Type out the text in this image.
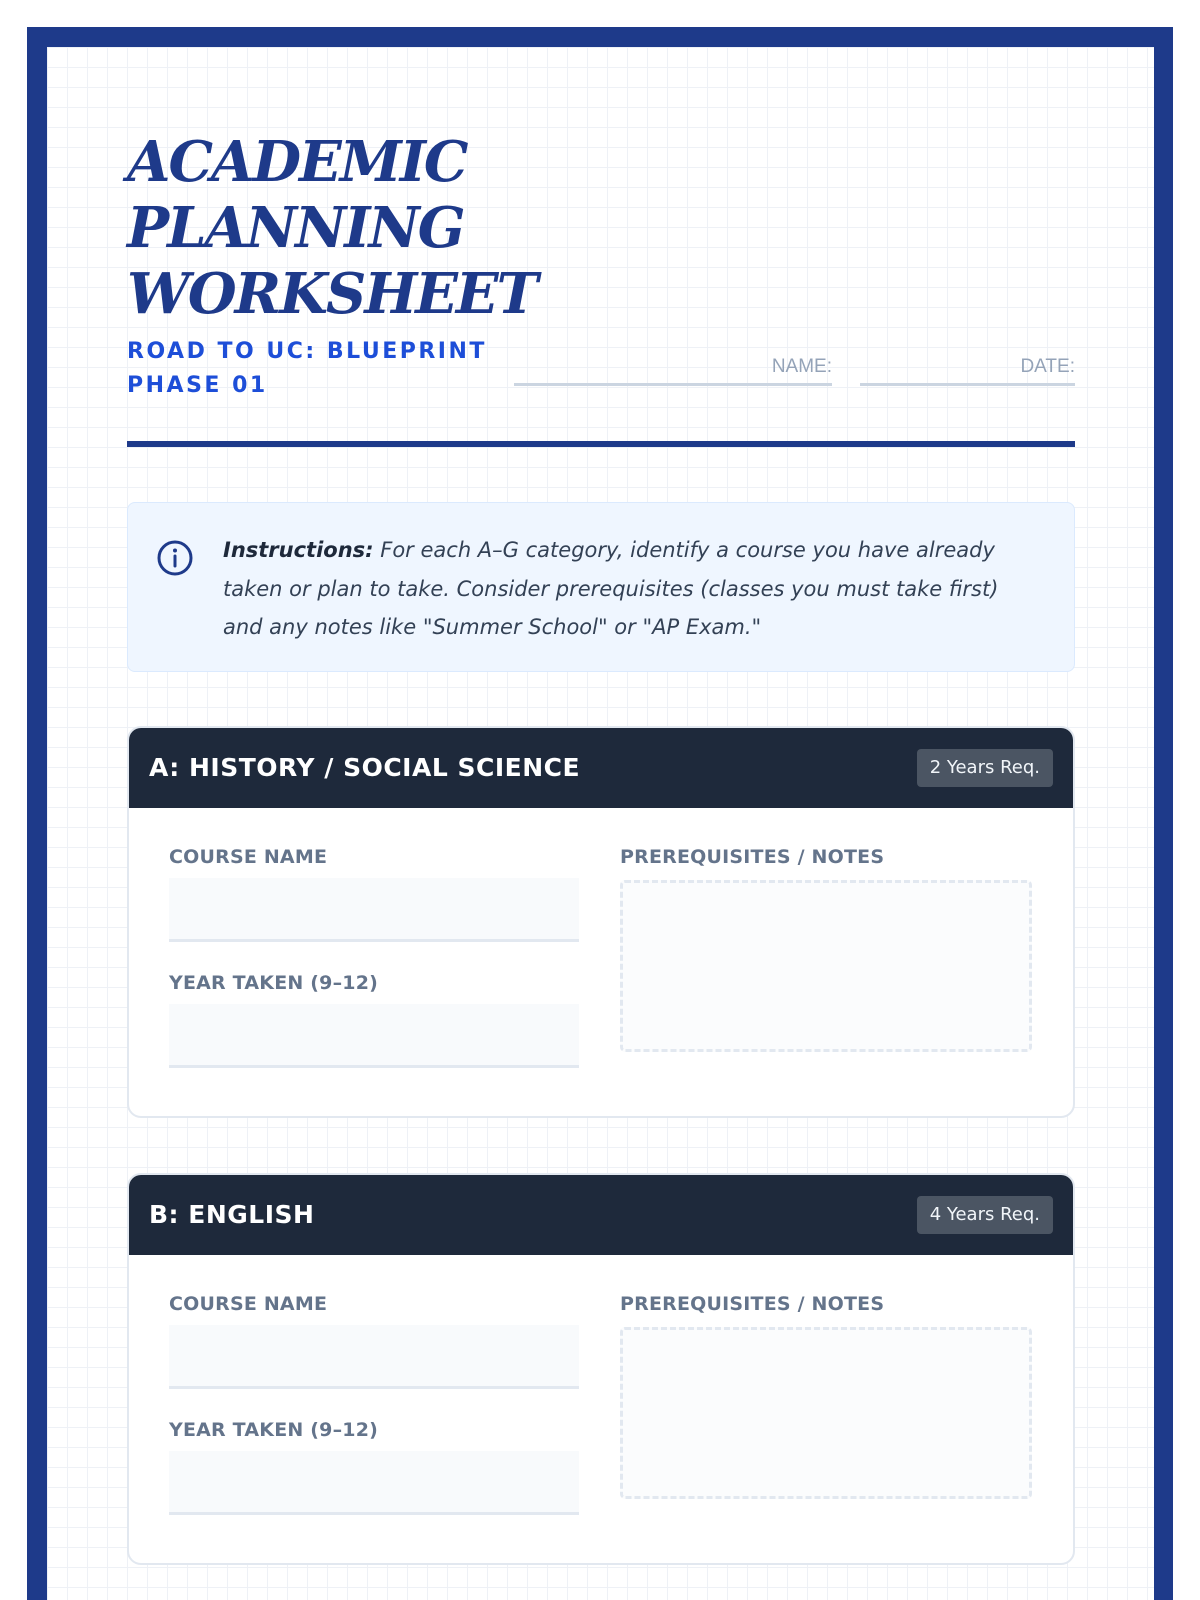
ACADEMIC
PLANNING
WORKSHEET
ROAD TO UC: BLUEPRINT
PHASE 01
NAME:	DATE:

Instructions: For each A–G category, identify a course you have already taken or plan to take. Consider prerequisites (classes you must take first) and any notes like "Summer School" or "AP Exam."

A: HISTORY / SOCIAL SCIENCE	2 Years Req.
COURSE NAME
YEAR TAKEN (9–12)
PREREQUISITES / NOTES
B: ENGLISH	4 Years Req.
COURSE NAME
YEAR TAKEN (9–12)
PREREQUISITES / NOTES
